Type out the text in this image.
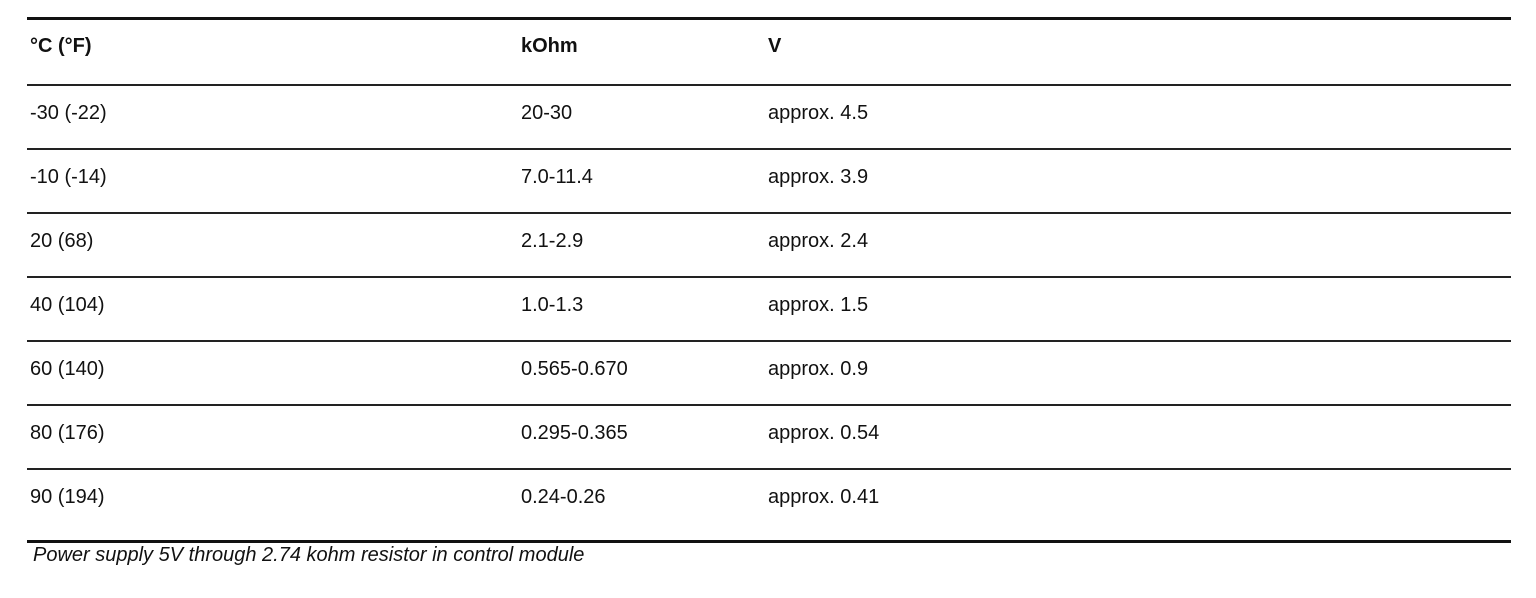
°C (°F)	kOhm	V
-30 (-22)	20-30	approx. 4.5
-10 (-14)	7.0-11.4	approx. 3.9
20 (68)	2.1-2.9	approx. 2.4
40 (104)	1.0-1.3	approx. 1.5
60 (140)	0.565-0.670	approx. 0.9
80 (176)	0.295-0.365	approx. 0.54
90 (194)	0.24-0.26	approx. 0.41
Power supply 5V through 2.74 kohm resistor in control module
